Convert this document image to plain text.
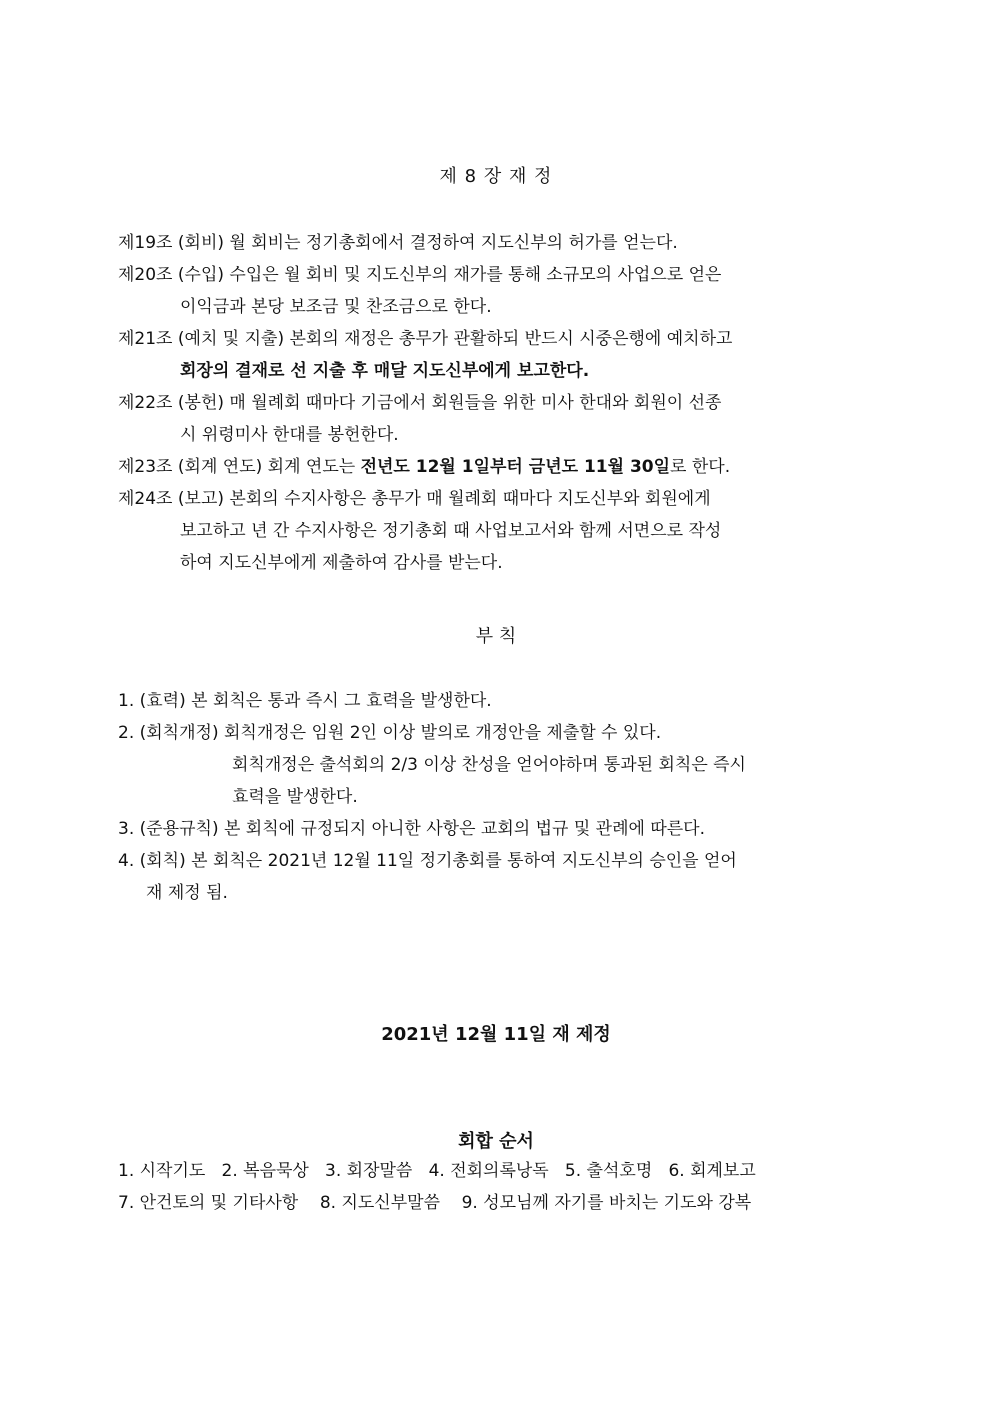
제 8 장 재 정
제19조 (회비) 월 회비는 정기총회에서 결정하여 지도신부의 허가를 얻는다.
제20조 (수입) 수입은 월 회비 및 지도신부의 재가를 통해 소규모의 사업으로 얻은
이익금과 본당 보조금 및 찬조금으로 한다.
제21조 (예치 및 지출) 본회의 재정은 총무가 관활하되 반드시 시중은행에 예치하고
회장의 결재로 선 지출 후 매달 지도신부에게 보고한다.
제22조 (봉헌) 매 월례회 때마다 기금에서 회원들을 위한 미사 한대와 회원이 선종
시 위령미사 한대를 봉헌한다.
제23조 (회계 연도) 회계 연도는 전년도 12월 1일부터 금년도 11월 30일로 한다.
제24조 (보고) 본회의 수지사항은 총무가 매 월례회 때마다 지도신부와 회원에게
보고하고 년 간 수지사항은 정기총회 때 사업보고서와 함께 서면으로 작성
하여 지도신부에게 제출하여 감사를 받는다.
부 칙
1. (효력) 본 회칙은 통과 즉시 그 효력을 발생한다.
2. (회칙개정) 회칙개정은 임원 2인 이상 발의로 개정안을 제출할 수 있다.
회칙개정은 출석회의 2/3 이상 찬성을 얻어야하며 통과된 회칙은 즉시
효력을 발생한다.
3. (준용규칙) 본 회칙에 규정되지 아니한 사항은 교회의 법규 및 관례에 따른다.
4. (회칙) 본 회칙은 2021년 12월 11일 정기총회를 통하여 지도신부의 승인을 얻어
재 제정 됨.
2021년 12월 11일 재 제정
회합 순서
1. 시작기도   2. 복음묵상   3. 회장말씀   4. 전회의록낭독   5. 출석호명   6. 회계보고
7. 안건토의 및 기타사항    8. 지도신부말씀    9. 성모님께 자기를 바치는 기도와 강복
